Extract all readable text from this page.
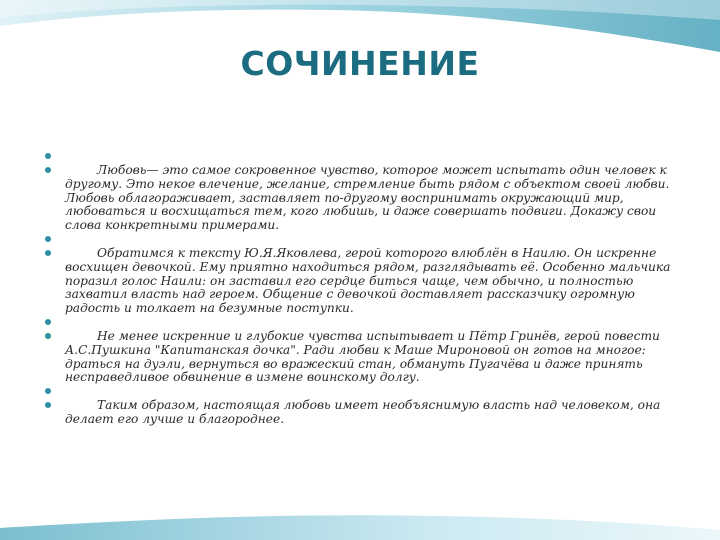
СОЧИНЕНИЕ
Любовь— это самое сокровенное чувство, которое может испытать один человек к другому. Это некое влечение, желание, стремление быть рядом с объектом своей любви. Любовь облагораживает, заставляет по-другому воспринимать окружающий мир, любоваться и восхищаться тем, кого любишь, и даже совершать подвиги. Докажу свои слова конкретными примерами.
Обратимся к тексту Ю.Я.Яковлева, герой которого влюблён в Наилю. Он искренне восхищен девочкой. Ему приятно находиться рядом, разглядывать её. Особенно мальчика поразил голос Наили: он заставил его сердце биться чаще, чем обычно, и полностью захватил власть над героем. Общение с девочкой доставляет рассказчику огромную радость и толкает на безумные поступки.
Не менее искренние и глубокие чувства испытывает и Пётр Гринёв, герой повести А.С.Пушкина "Капитанская дочка". Ради любви к Маше Мироновой он готов на многое: драться на дуэли, вернуться во вражеский стан, обмануть Пугачёва и даже принять несправедливое обвинение в измене воинскому долгу.
Таким образом, настоящая любовь имеет необъяснимую власть над человеком, она делает его лучше и благороднее.
